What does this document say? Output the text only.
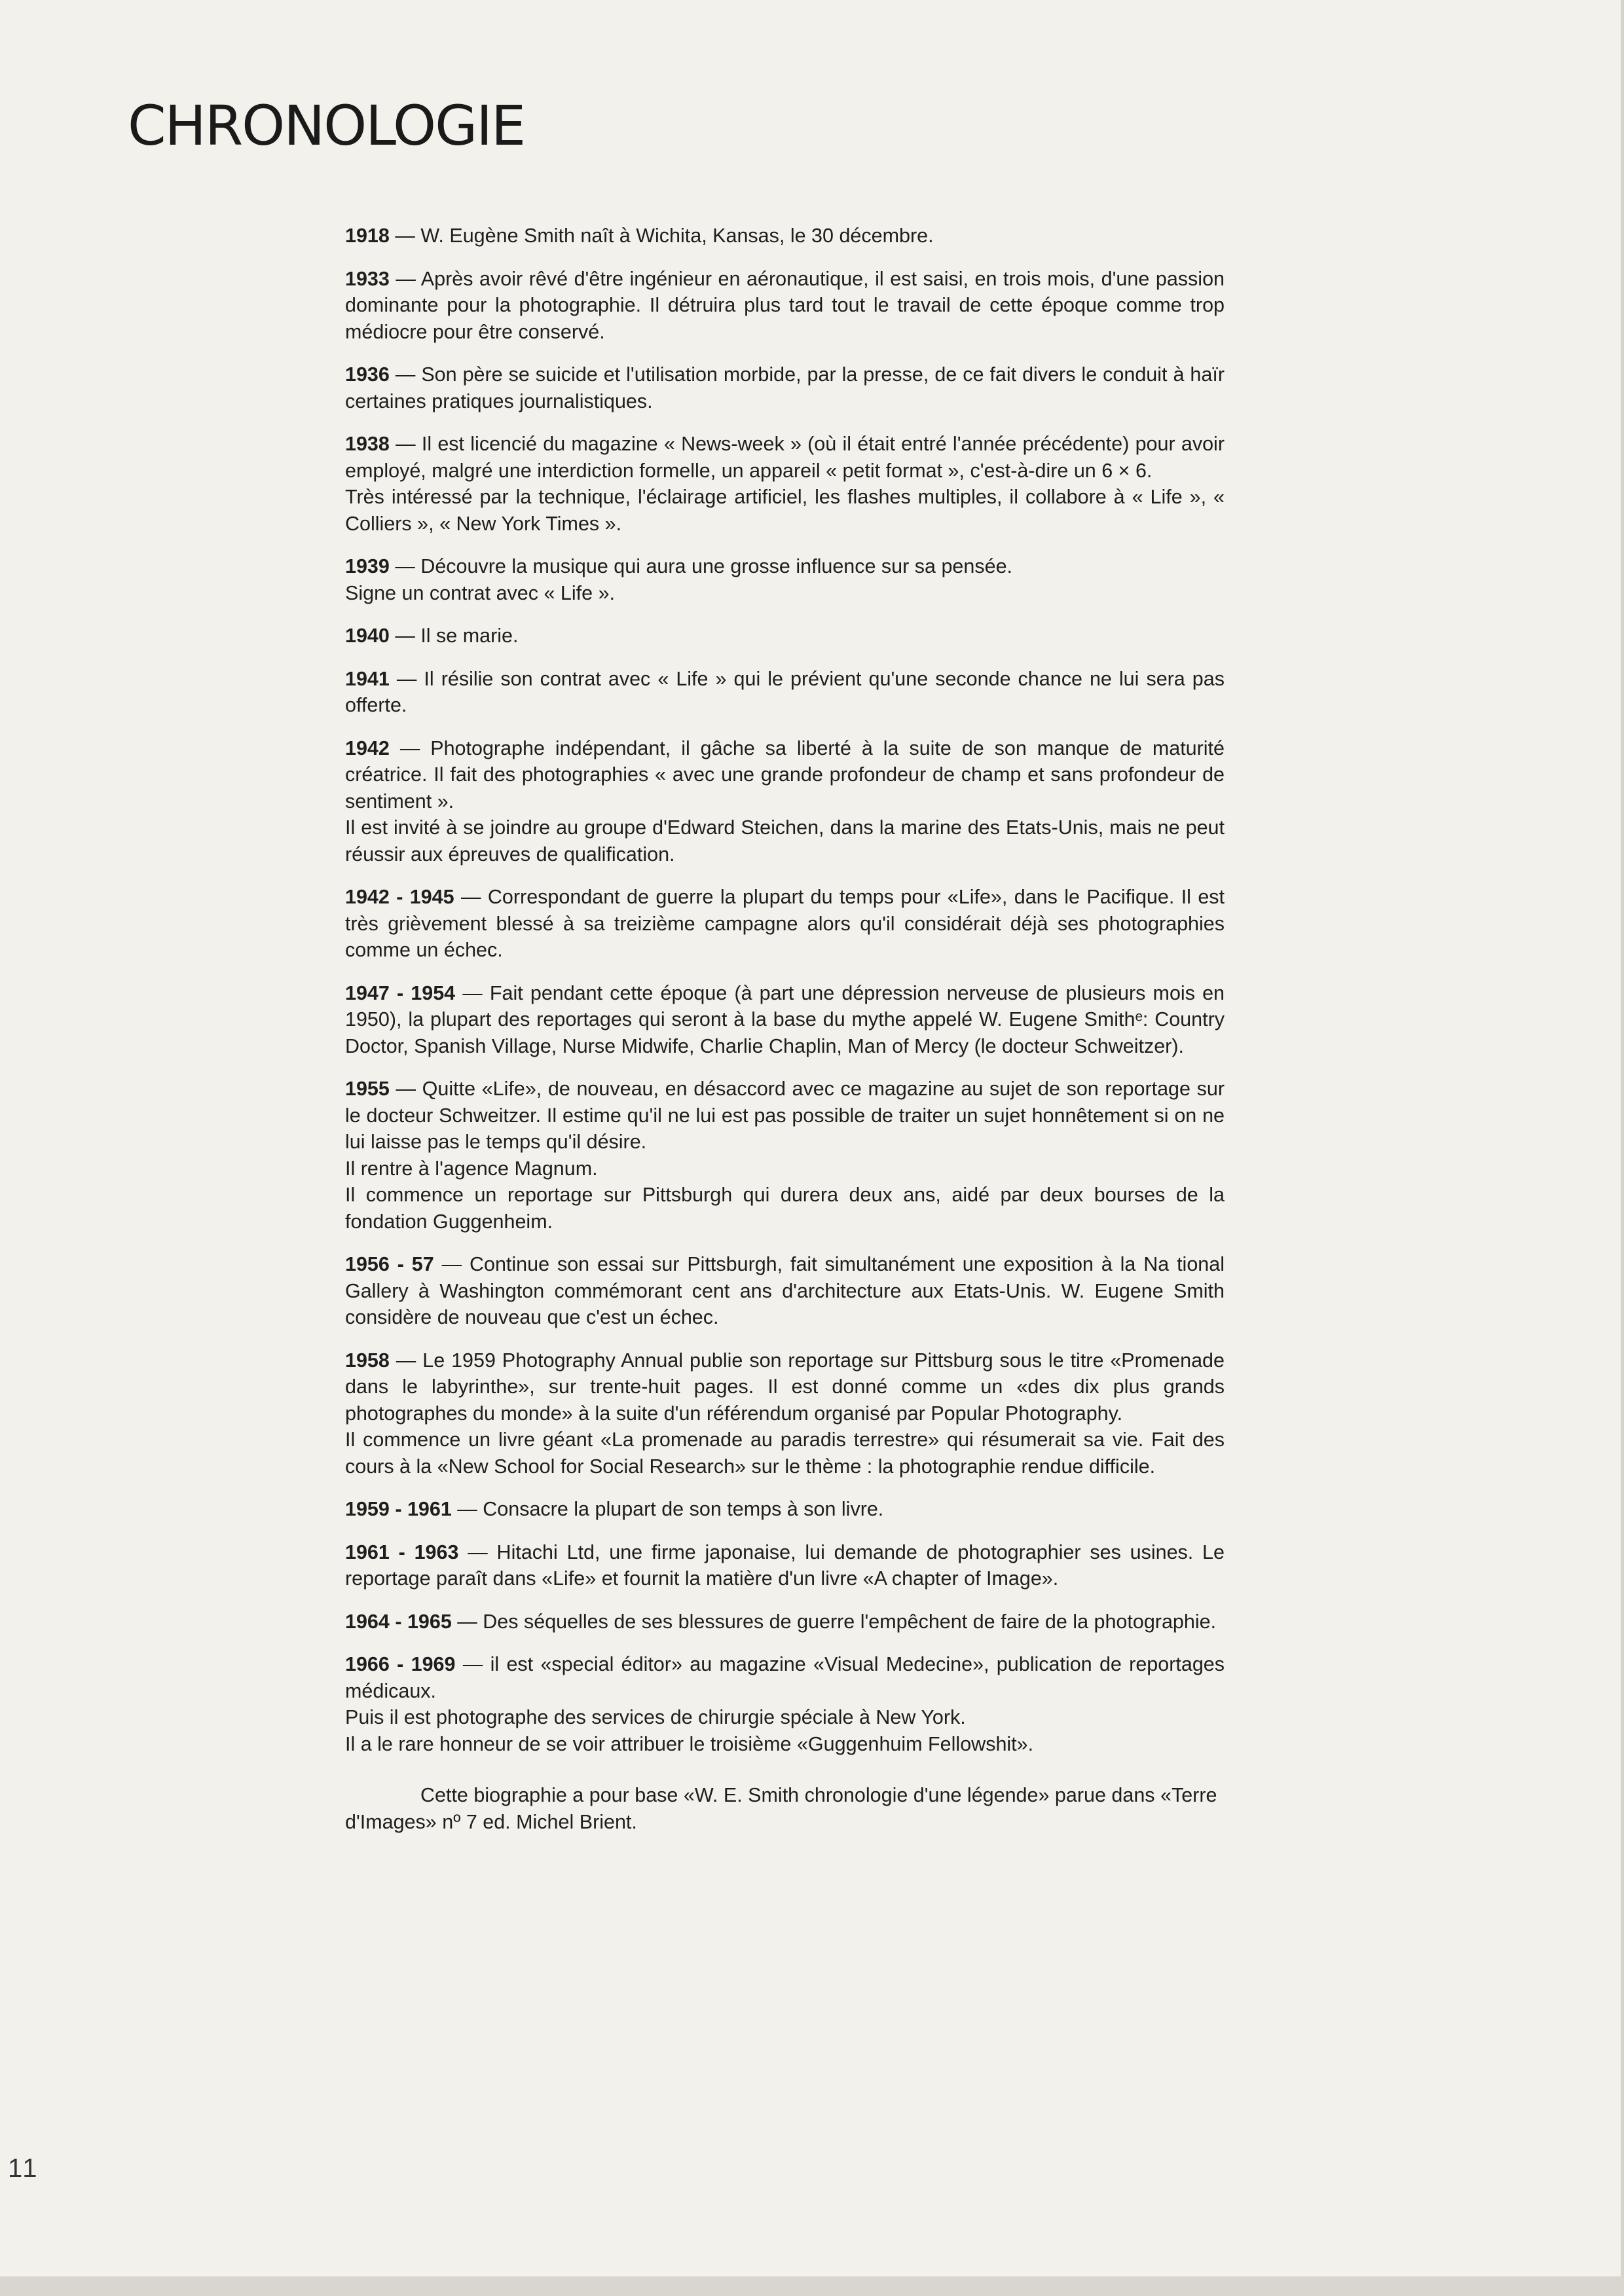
CHRONOLOGIE

1918 — W. Eugène Smith naît à Wichita, Kansas, le 30 décembre.

1933 — Après avoir rêvé d'être ingénieur en aéronautique, il est saisi, en trois mois, d'une passion dominante pour la photographie. Il détruira plus tard tout le travail de cette époque comme trop médiocre pour être conservé.

1936 — Son père se suicide et l'utilisation morbide, par la presse, de ce fait divers le conduit à haïr certaines pratiques journalistiques.

1938 — Il est licencié du magazine « News-week » (où il était entré l'année précédente) pour avoir employé, malgré une interdiction formelle, un appareil « petit format », c'est-à-dire un 6 × 6.

Très intéressé par la technique, l'éclairage artificiel, les flashes multiples, il collabore à « Life », « Colliers », « New York Times ».

1939 — Découvre la musique qui aura une grosse influence sur sa pensée.

Signe un contrat avec « Life ».

1940 — Il se marie.

1941 — Il résilie son contrat avec « Life » qui le prévient qu'une seconde chance ne lui sera pas offerte.

1942 — Photographe indépendant, il gâche sa liberté à la suite de son manque de maturité créatrice. Il fait des photographies « avec une grande profondeur de champ et sans profondeur de sentiment ».

Il est invité à se joindre au groupe d'Edward Steichen, dans la marine des Etats-Unis, mais ne peut réussir aux épreuves de qualification.

1942 - 1945 — Correspondant de guerre la plupart du temps pour «Life», dans le Pacifique. Il est très grièvement blessé à sa treizième campagne alors qu'il considérait déjà ses photographies comme un échec.

1947 - 1954 — Fait pendant cette époque (à part une dépression nerveuse de plusieurs mois en 1950), la plupart des reportages qui seront à la base du mythe appelé W. Eugene Smithᵉ: Country Doctor, Spanish Village, Nurse Midwife, Charlie Chaplin, Man of Mercy (le docteur Schweitzer).

1955 — Quitte «Life», de nouveau, en désaccord avec ce magazine au sujet de son reportage sur le docteur Schweitzer. Il estime qu'il ne lui est pas possible de traiter un sujet honnêtement si on ne lui laisse pas le temps qu'il désire.

Il rentre à l'agence Magnum.

Il commence un reportage sur Pittsburgh qui durera deux ans, aidé par deux bourses de la fondation Guggenheim.

1956 - 57 — Continue son essai sur Pittsburgh, fait simultanément une exposition à la Na tional Gallery à Washington commémorant cent ans d'architecture aux Etats-Unis. W. Eugene Smith considère de nouveau que c'est un échec.

1958 — Le 1959 Photography Annual publie son reportage sur Pittsburg sous le titre «Promenade dans le labyrinthe», sur trente-huit pages. Il est donné comme un «des dix plus grands photographes du monde» à la suite d'un référendum organisé par Popular Photography.

Il commence un livre géant «La promenade au paradis terrestre» qui résumerait sa vie. Fait des cours à la «New School for Social Research» sur le thème : la photographie rendue difficile.

1959 - 1961 — Consacre la plupart de son temps à son livre.

1961 - 1963 — Hitachi Ltd, une firme japonaise, lui demande de photographier ses usines. Le reportage paraît dans «Life» et fournit la matière d'un livre «A chapter of Image».

1964 - 1965 — Des séquelles de ses blessures de guerre l'empêchent de faire de la photographie.

1966 - 1969 — il est «special éditor» au magazine «Visual Medecine», publication de reportages médicaux.

Puis il est photographe des services de chirurgie spéciale à New York.

Il a le rare honneur de se voir attribuer le troisième «Guggenhuim Fellowshit».

Cette biographie a pour base «W. E. Smith chronologie d'une légende» parue dans «Terre d'Images» nº 7 ed. Michel Brient.

11
